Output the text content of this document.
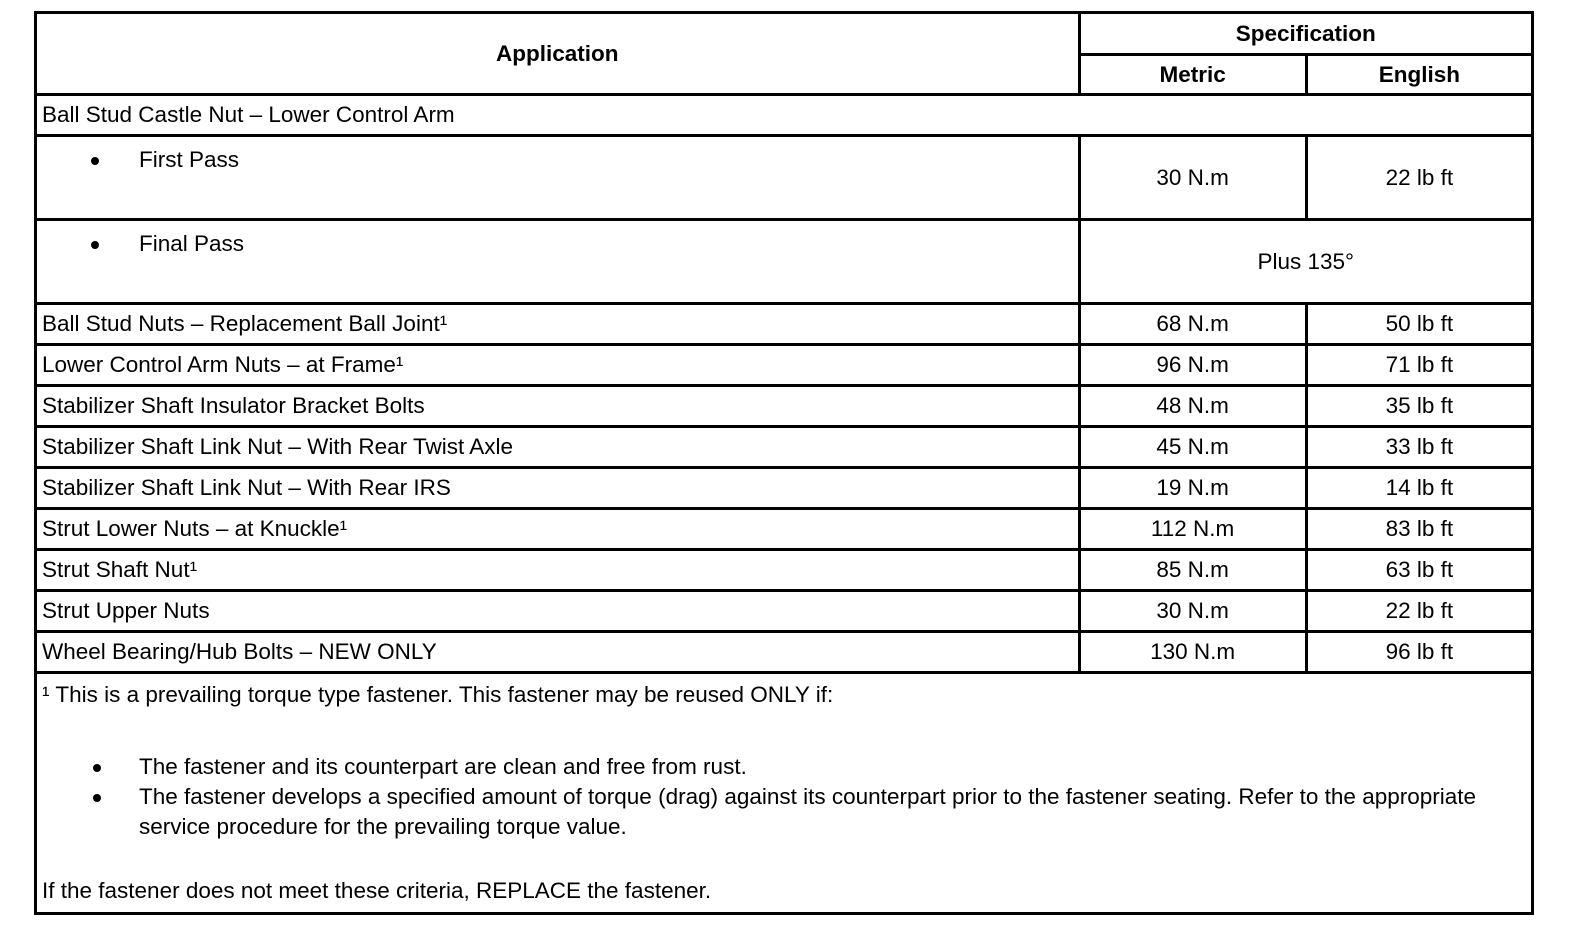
Application	Specification	
	Metric	English
Ball Stud Castle Nut – Lower Control Arm		

First Pass	30 N.m	22 lb ft

Final Pass	Plus 135°	
Ball Stud Nuts – Replacement Ball Joint¹	68 N.m	50 lb ft
Lower Control Arm Nuts – at Frame¹	96 N.m	71 lb ft
Stabilizer Shaft Insulator Bracket Bolts	48 N.m	35 lb ft
Stabilizer Shaft Link Nut – With Rear Twist Axle	45 N.m	33 lb ft
Stabilizer Shaft Link Nut – With Rear IRS	19 N.m	14 lb ft
Strut Lower Nuts – at Knuckle¹	112 N.m	83 lb ft
Strut Shaft Nut¹	85 N.m	63 lb ft
Strut Upper Nuts	30 N.m	22 lb ft
Wheel Bearing/Hub Bolts – NEW ONLY	130 N.m	96 lb ft

¹ This is a prevailing torque type fastener. This fastener may be reused ONLY if:

The fastener and its counterpart are clean and free from rust.
The fastener develops a specified amount of torque (drag) against its counterpart prior to the fastener seating. Refer to the appropriate service procedure for the prevailing torque value.

If the fastener does not meet these criteria, REPLACE the fastener.		
